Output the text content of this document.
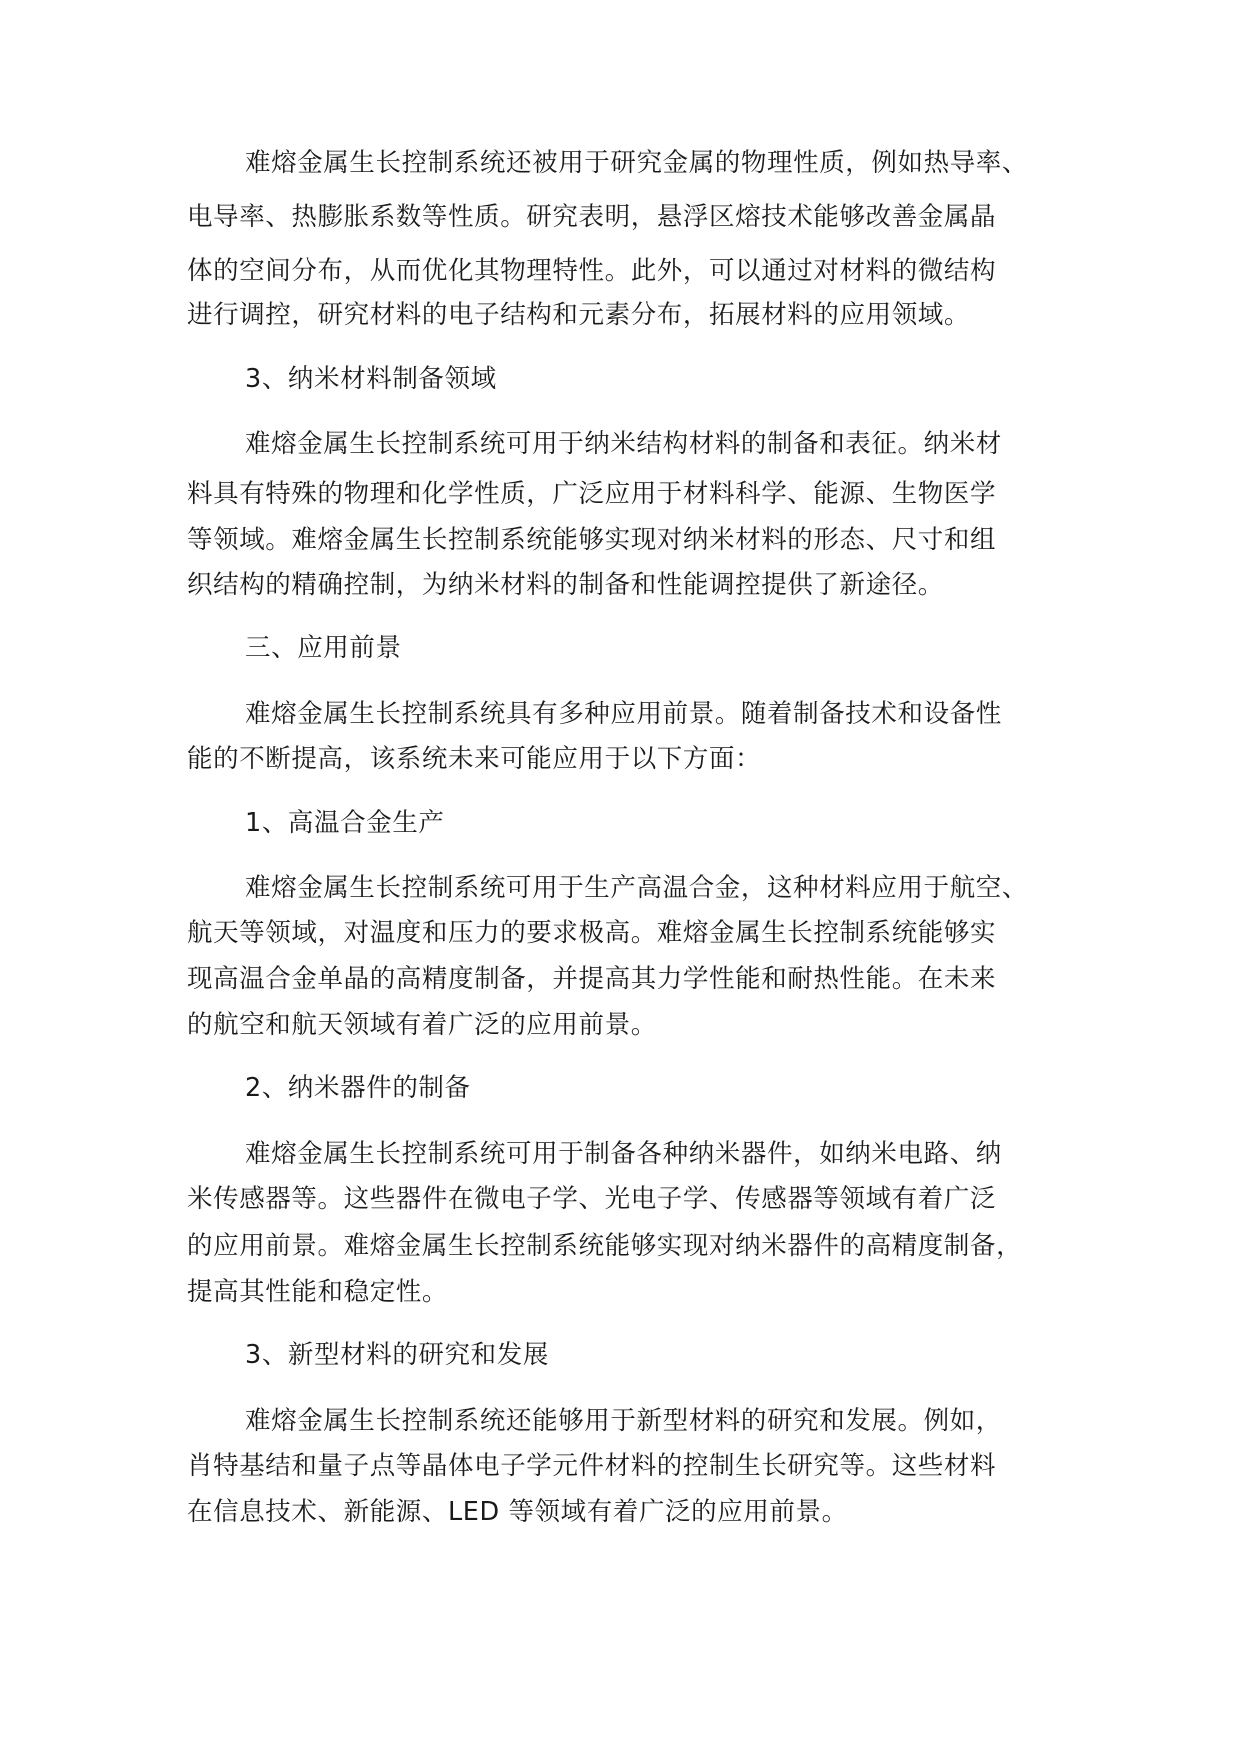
难熔金属生长控制系统还被用于研究金属的物理性质，例如热导率、

电导率、热膨胀系数等性质。研究表明，悬浮区熔技术能够改善金属晶

体的空间分布，从而优化其物理特性。此外，可以通过对材料的微结构

进行调控，研究材料的电子结构和元素分布，拓展材料的应用领域。

3、纳米材料制备领域

难熔金属生长控制系统可用于纳米结构材料的制备和表征。纳米材

料具有特殊的物理和化学性质，广泛应用于材料科学、能源、生物医学

等领域。难熔金属生长控制系统能够实现对纳米材料的形态、尺寸和组

织结构的精确控制，为纳米材料的制备和性能调控提供了新途径。

三、应用前景

难熔金属生长控制系统具有多种应用前景。随着制备技术和设备性

能的不断提高，该系统未来可能应用于以下方面：

1、高温合金生产

难熔金属生长控制系统可用于生产高温合金，这种材料应用于航空、

航天等领域，对温度和压力的要求极高。难熔金属生长控制系统能够实

现高温合金单晶的高精度制备，并提高其力学性能和耐热性能。在未来

的航空和航天领域有着广泛的应用前景。

2、纳米器件的制备

难熔金属生长控制系统可用于制备各种纳米器件，如纳米电路、纳

米传感器等。这些器件在微电子学、光电子学、传感器等领域有着广泛

的应用前景。难熔金属生长控制系统能够实现对纳米器件的高精度制备，

提高其性能和稳定性。

3、新型材料的研究和发展

难熔金属生长控制系统还能够用于新型材料的研究和发展。例如，

肖特基结和量子点等晶体电子学元件材料的控制生长研究等。这些材料

在信息技术、新能源、LED 等领域有着广泛的应用前景。
